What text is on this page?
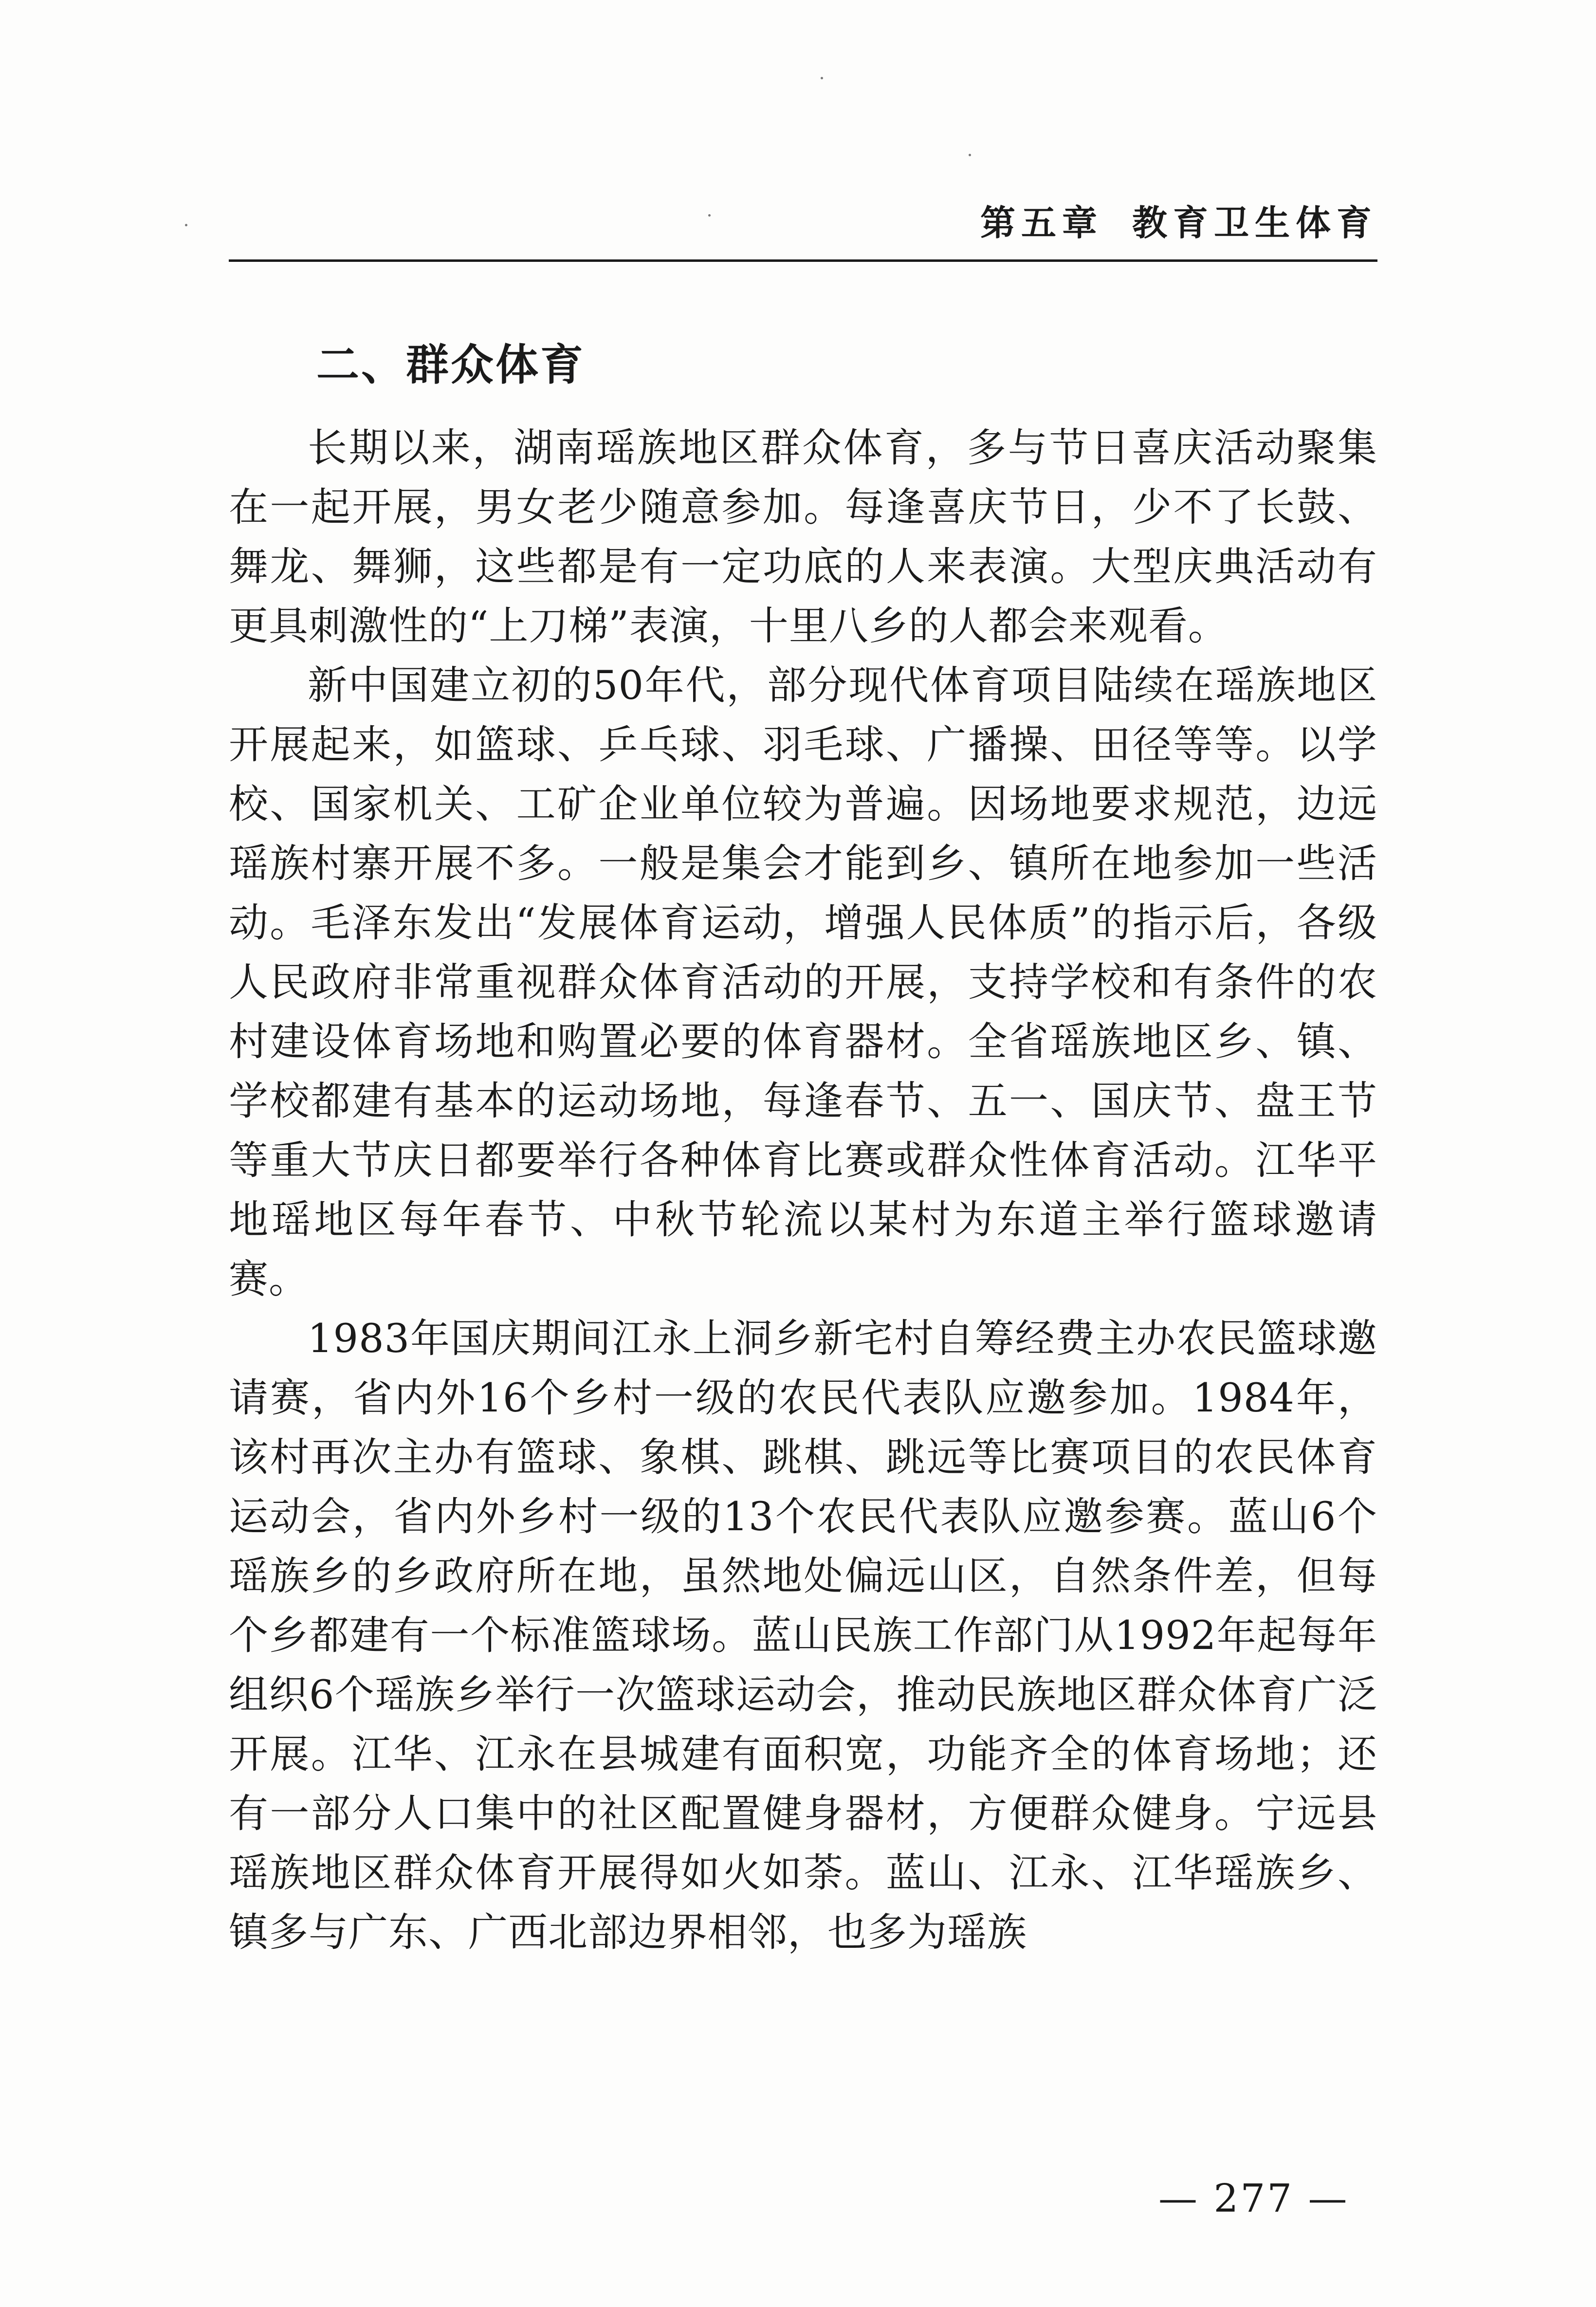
第五章 教育卫生体育
二、群众体育

长期以来，湖南瑶族地区群众体育，多与节日喜庆活动聚集在一起开展，男女老少随意参加。每逢喜庆节日，少不了长鼓、舞龙、舞狮，这些都是有一定功底的人来表演。大型庆典活动有更具刺激性的“上刀梯”表演，十里八乡的人都会来观看。

新中国建立初的50年代，部分现代体育项目陆续在瑶族地区开展起来，如篮球、乒乓球、羽毛球、广播操、田径等等。以学校、国家机关、工矿企业单位较为普遍。因场地要求规范，边远瑶族村寨开展不多。一般是集会才能到乡、镇所在地参加一些活动。毛泽东发出“发展体育运动，增强人民体质”的指示后，各级人民政府非常重视群众体育活动的开展，支持学校和有条件的农村建设体育场地和购置必要的体育器材。全省瑶族地区乡、镇、学校都建有基本的运动场地，每逢春节、五一、国庆节、盘王节等重大节庆日都要举行各种体育比赛或群众性体育活动。江华平地瑶地区每年春节、中秋节轮流以某村为东道主举行篮球邀请赛。

1983年国庆期间江永上洞乡新宅村自筹经费主办农民篮球邀请赛，省内外16个乡村一级的农民代表队应邀参加。1984年，该村再次主办有篮球、象棋、跳棋、跳远等比赛项目的农民体育运动会，省内外乡村一级的13个农民代表队应邀参赛。蓝山6个瑶族乡的乡政府所在地，虽然地处偏远山区，自然条件差，但每个乡都建有一个标准篮球场。蓝山民族工作部门从1992年起每年组织6个瑶族乡举行一次篮球运动会，推动民族地区群众体育广泛开展。江华、江永在县城建有面积宽，功能齐全的体育场地；还有一部分人口集中的社区配置健身器材，方便群众健身。宁远县瑶族地区群众体育开展得如火如荼。蓝山、江永、江华瑶族乡、镇多与广东、广西北部边界相邻，也多为瑶族

— 277 —
